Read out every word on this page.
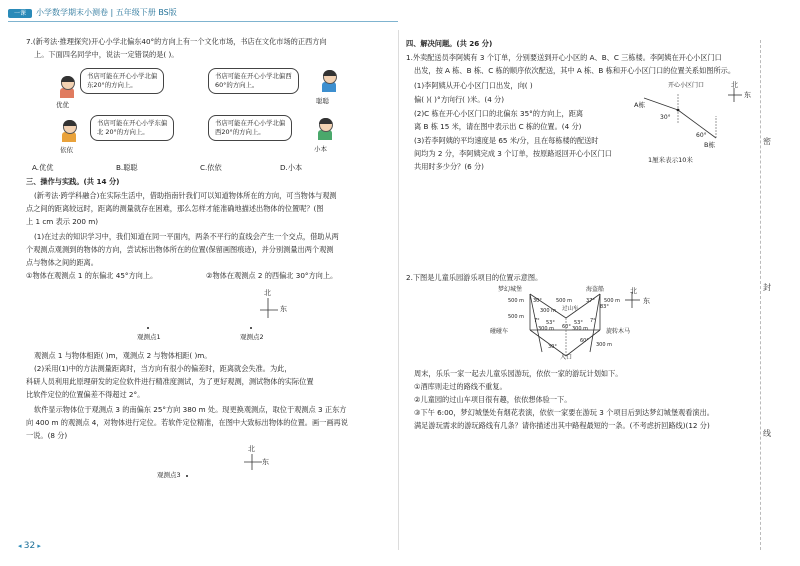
一课	小学数学期末小测卷 | 五年级下册 BS版
7.(新考法·推理探究)开心小学北偏东40°的方向上有一个文化市场，书店在文化市场的正西方向
上。下面四名同学中，说法一定错误的是( )。
优优
书店可能在开心小学北偏
东20°的方向上。
书店可能在开心小学北偏西
60°的方向上。
聪聪
依依
书店可能在开心小学东偏
北 20°的方向上。
书店可能在开心小学北偏
西20°的方向上。
小本
A.优优	B.聪聪	C.依依	D.小本
三、操作与实践。(共 14 分)
(新考法·跨学科融合)在实际生活中，借助指南针我们可以知道物体所在的方向，可当物体与观测
点之间的距离较远时，距离的测量就存在困难，那么怎样才能准确地描述出物体的位置呢？(图
上 1 cm 表示 200 m)
(1)在过去的知识学习中，我们知道在同一平面内，两条不平行的直线会产生一个交点，借助从两
个观测点观测到的物体的方向，尝试标出物体所在的位置(保留画图痕迹)，并分别测量出两个观测
点与物体之间的距离。
①物体在观测点 1 的东偏北 45°方向上。	②物体在观测点 2 的西偏北 30°方向上。
北
东
观测点1	观测点2
观测点 1 与物体相距( )m，观测点 2 与物体相距( )m。
(2)采用(1)中的方法测量距离时，当方向有很小的偏差时，距离就会失准。为此，
科研人员利用此原理研发的定位软件进行精准度测试，为了更好观测，测试物体的实际位置
比软件定位的位置偏差不得超过 2°。
软件显示物体位于观测点 3 的南偏东 25°方向 380 m 处。现更换观测点，取位于观测点 3 正东方
向 400 m 的观测点 4，对物体进行定位。若软件定位精准，在图中大致标出物体的位置。画一画再说
一说。(8 分)
北
东
观测点3
◂ 32 ▸
四、解决问题。(共 26 分)
1.外卖配送员李阿姨有 3 个订单，分别要送到开心小区的 A、B、C 三栋楼。李阿姨在开心小区门口
出发，按 A 栋、B 栋、C 栋的顺序依次配送，其中 A 栋、B 栋和开心小区门口的位置关系如图所示。
(1)李阿姨从开心小区门口出发，向( )
偏( )( )°方向行( )米。(4 分)
(2)C 栋在开心小区门口的北偏东 35°的方向上，距离
离 B 栋 15 米，请在图中表示出 C 栋的位置。(4 分)
(3)若李阿姨的平均速度是 65 米/分，且在每栋楼的配送时
间均为 2 分，李阿姨完成 3 个订单，按原路返回开心小区门口
共用时多少分？(6 分)
开心小区门口
A栋
30°
60°
B栋
北
东
1厘米表示10米
2.下图是儿童乐园游乐项目的位置示意图。
梦幻城堡	海盗船
过山车
碰碰车	旋转木马
入口
北
东
30°	37°
83°
7° 53°	53° 7°
60°
60°
30°
500 m
300 m
500 m	500 m
300 m	300 m
500 m
300 m
周末，乐乐一家一起去儿童乐园游玩，依依一家的游玩计划如下。
①酒库则走过的路线不重复。
②儿童园的过山车项目很有趣，依依想体验一下。
③下午 6:00，梦幻城堡处有烟花表演，依依一家要在游玩 3 个项目后到达梦幻城堡观看演出。
满足游玩需求的游玩路线有几条？请你描述出其中路程最短的一条。(不考虑折回路线)(12 分)
密
封
线
